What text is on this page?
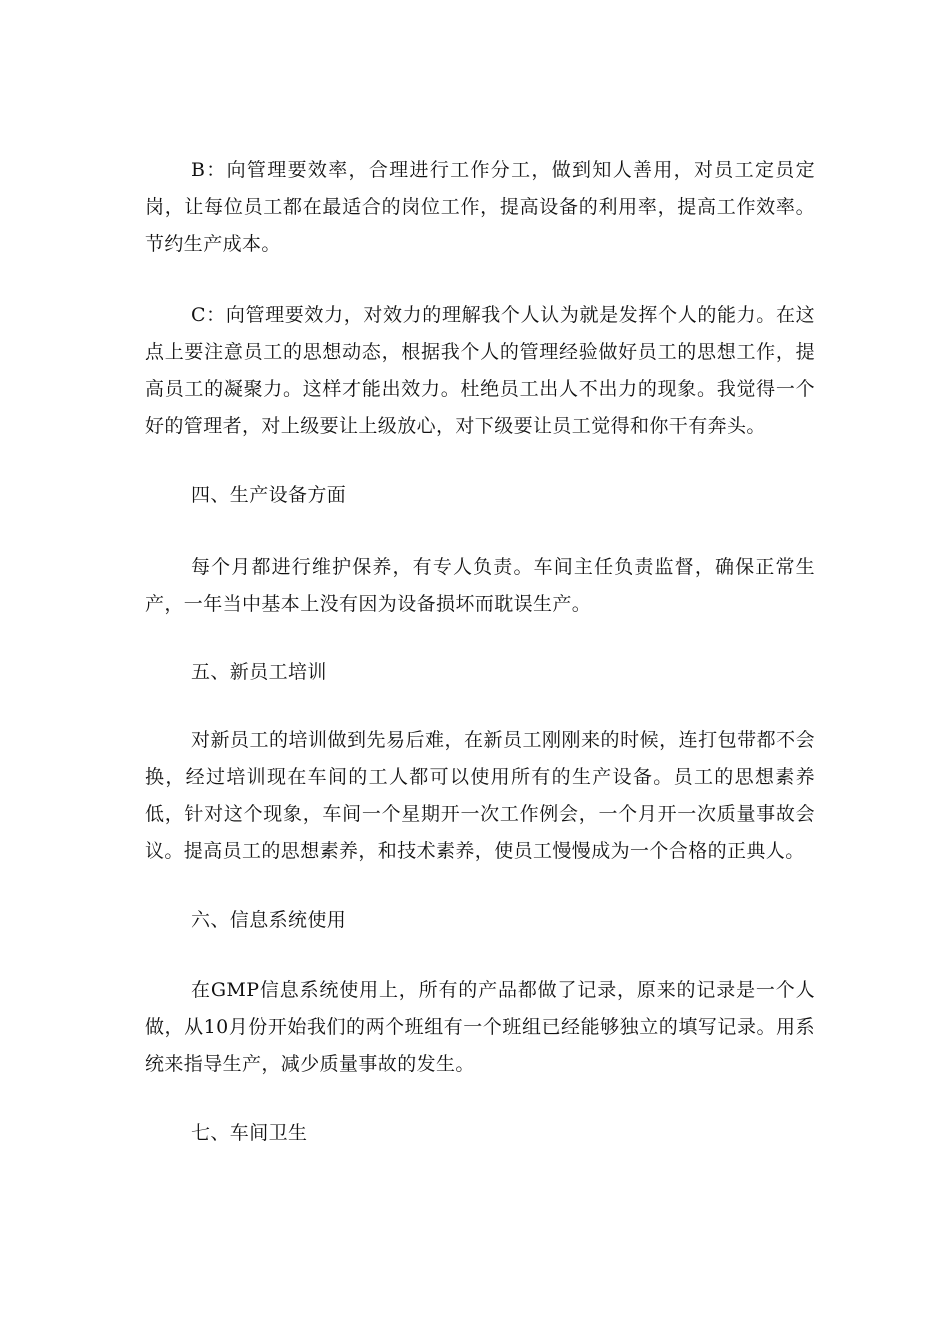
B：向管理要效率，合理进行工作分工，做到知人善用，对员工定员定岗，让每位员工都在最适合的岗位工作，提高设备的利用率，提高工作效率。节约生产成本。

C：向管理要效力，对效力的理解我个人认为就是发挥个人的能力。在这点上要注意员工的思想动态，根据我个人的管理经验做好员工的思想工作，提高员工的凝聚力。这样才能出效力。杜绝员工出人不出力的现象。我觉得一个好的管理者，对上级要让上级放心，对下级要让员工觉得和你干有奔头。

四、生产设备方面

每个月都进行维护保养，有专人负责。车间主任负责监督，确保正常生产，一年当中基本上没有因为设备损坏而耽误生产。

五、新员工培训

对新员工的培训做到先易后难，在新员工刚刚来的时候，连打包带都不会换，经过培训现在车间的工人都可以使用所有的生产设备。员工的思想素养低，针对这个现象，车间一个星期开一次工作例会，一个月开一次质量事故会议。提高员工的思想素养，和技术素养，使员工慢慢成为一个合格的正典人。

六、信息系统使用

在GMP信息系统使用上，所有的产品都做了记录，原来的记录是一个人做，从10月份开始我们的两个班组有一个班组已经能够独立的填写记录。用系统来指导生产，减少质量事故的发生。

七、车间卫生
